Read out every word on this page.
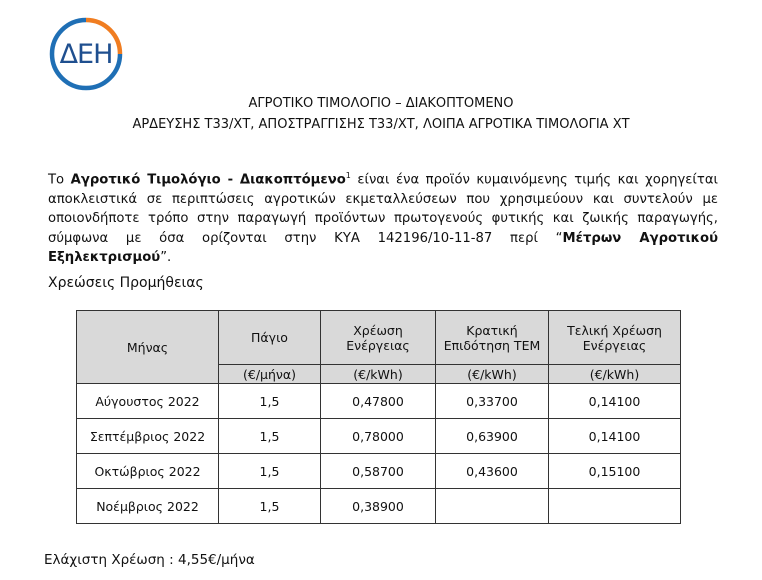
ΔΕΗ
ΑΓΡΟΤΙΚΟ ΤΙΜΟΛΟΓΙΟ – ΔΙΑΚΟΠΤΟΜΕΝΟ
ΑΡΔΕΥΣΗΣ Τ33/ΧΤ, ΑΠΟΣΤΡΑΓΓΙΣΗΣ Τ33/ΧΤ, ΛΟΙΠΑ ΑΓΡΟΤΙΚΑ ΤΙΜΟΛΟΓΙΑ ΧΤ
Το Αγροτικό Τιμολόγιο - Διακοπτόμενο$^1$ είναι ένα προϊόν κυμαινόμενης τιμής και χορηγείται αποκλειστικά σε περιπτώσεις αγροτικών εκμεταλλεύσεων που χρησιμεύουν και συντελούν με οποιονδήποτε τρόπο στην παραγωγή προϊόντων πρωτογενούς φυτικής και ζωικής παραγωγής, σύμφωνα με όσα ορίζονται στην ΚΥΑ 142196/10-11-87 περί “Μέτρων Αγροτικού Εξηλεκτρισμού”.
Χρεώσεις Προμήθειας
Μήνας	Πάγιο	Χρέωση Ενέργειας	Κρατική Επιδότηση ΤΕΜ	Τελική Χρέωση Ενέργειας
	(€/μήνα)	(€/kWh)	(€/kWh)	(€/kWh)
Αύγουστος 2022	1,5	0,47800	0,33700	0,14100
Σεπτέμβριος 2022	1,5	0,78000	0,63900	0,14100
Οκτώβριος 2022	1,5	0,58700	0,43600	0,15100
Νοέμβριος 2022	1,5	0,38900		
Ελάχιστη Χρέωση : 4,55€/μήνα
